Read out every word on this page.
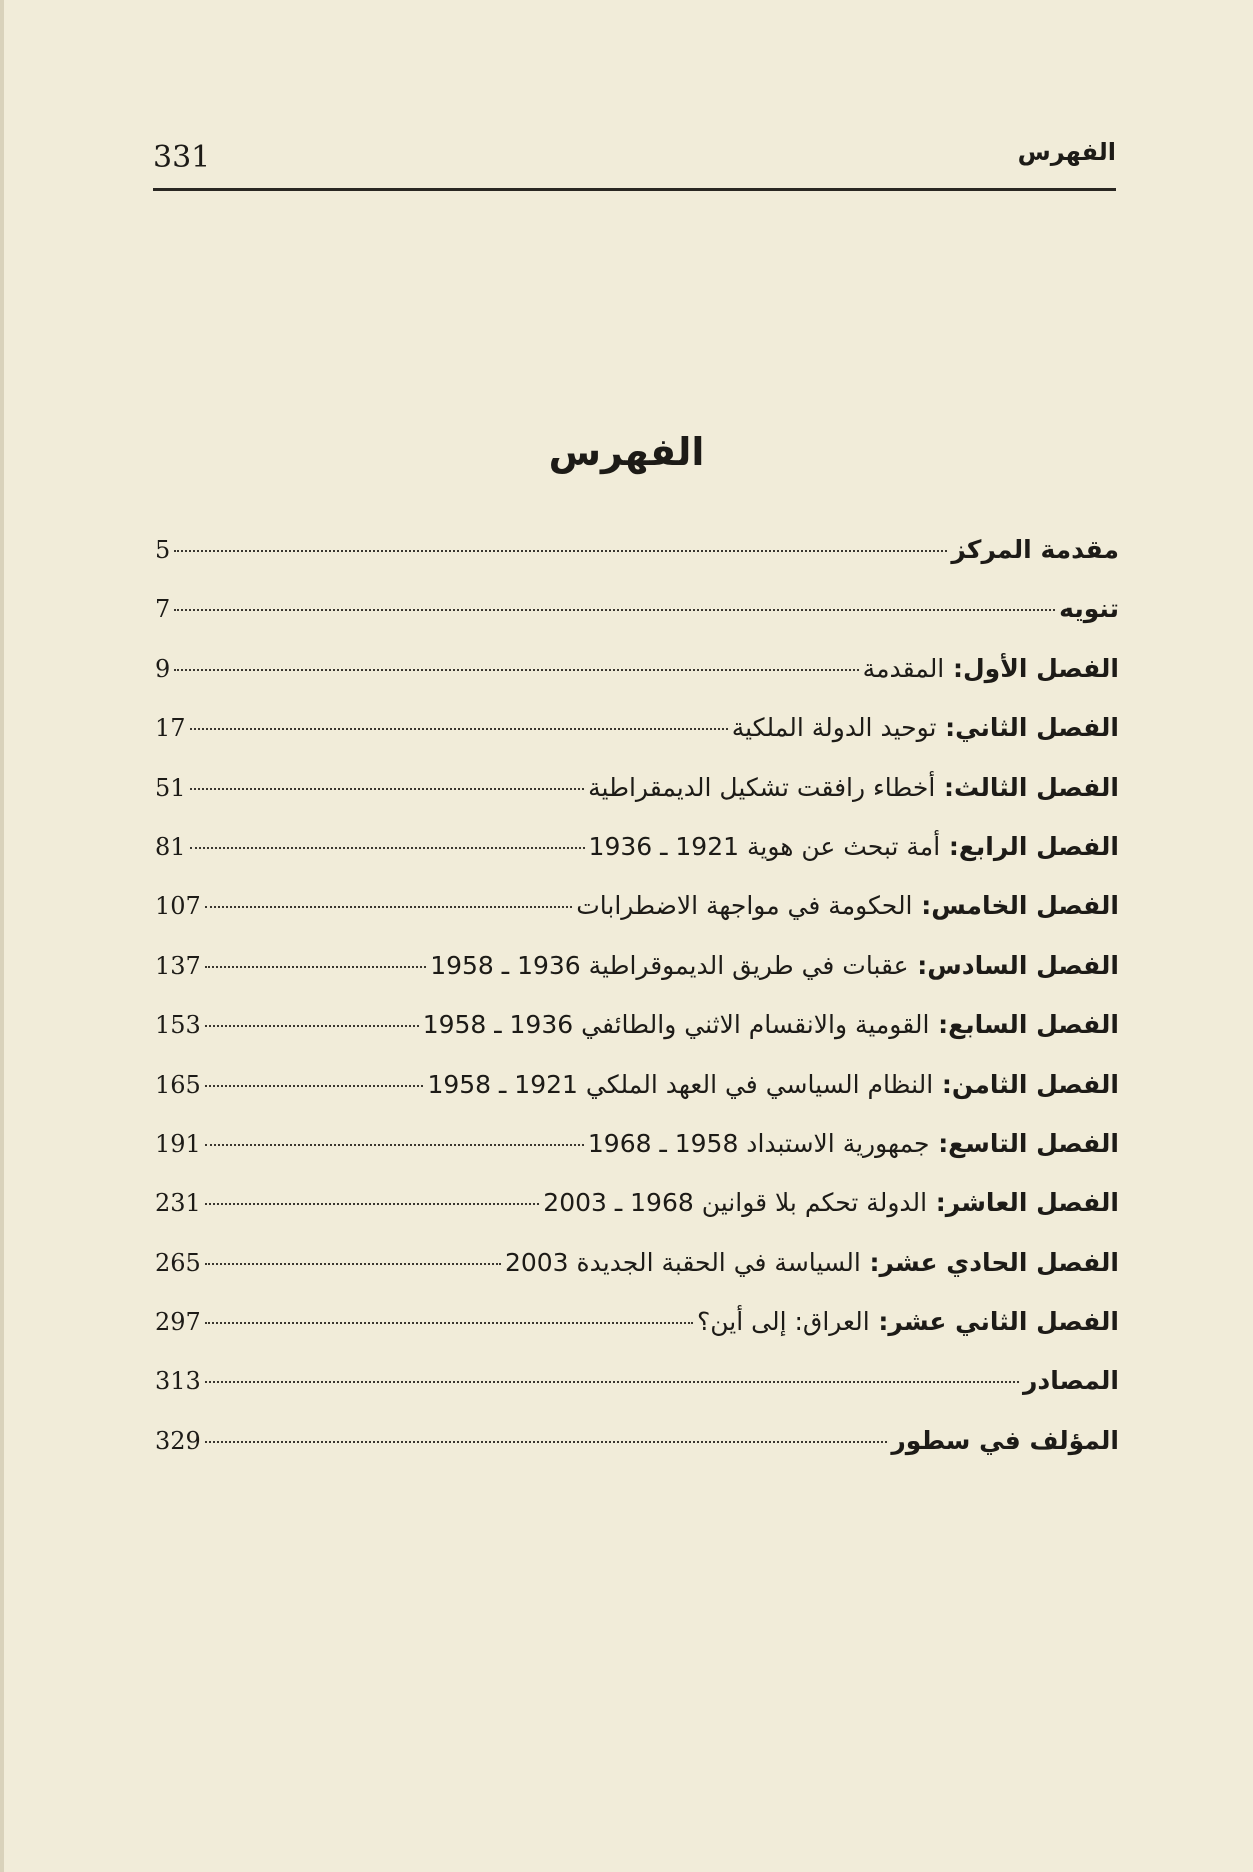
331	الفهرس
الفهرس
مقدمة المركز
5
تنويه
7
الفصل الأول: المقدمة
9
الفصل الثاني: توحيد الدولة الملكية
17
الفصل الثالث: أخطاء رافقت تشكيل الديمقراطية
51
الفصل الرابع: أمة تبحث عن هوية 1921 ـ 1936
81
الفصل الخامس: الحكومة في مواجهة الاضطرابات
107
الفصل السادس: عقبات في طريق الديموقراطية 1936 ـ 1958
137
الفصل السابع: القومية والانقسام الاثني والطائفي 1936 ـ 1958
153
الفصل الثامن: النظام السياسي في العهد الملكي 1921 ـ 1958
165
الفصل التاسع: جمهورية الاستبداد 1958 ـ 1968
191
الفصل العاشر: الدولة تحكم بلا قوانين 1968 ـ 2003
231
الفصل الحادي عشر: السياسة في الحقبة الجديدة 2003
265
الفصل الثاني عشر: العراق: إلى أين؟
297
المصادر
313
المؤلف في سطور
329
